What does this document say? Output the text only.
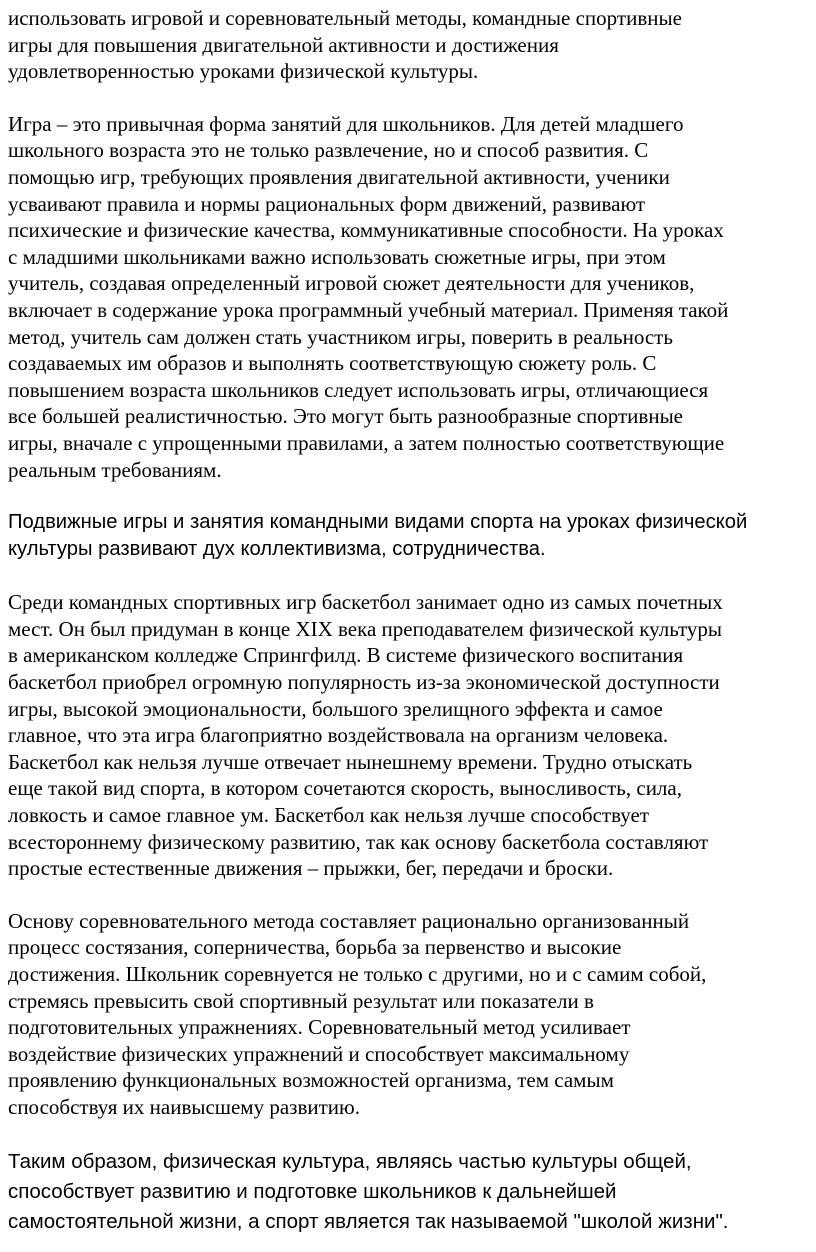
использовать игровой и соревновательный методы, командные спортивные
игры для повышения двигательной активности и достижения
удовлетворенностью уроками физической культуры.

Игра – это привычная форма занятий для школьников. Для детей младшего
школьного возраста это не только развлечение, но и способ развития. С
помощью игр, требующих проявления двигательной активности, ученики
усваивают правила и нормы рациональных форм движений, развивают
психические и физические качества, коммуникативные способности. На уроках
с младшими школьниками важно использовать сюжетные игры, при этом
учитель, создавая определенный игровой сюжет деятельности для учеников,
включает в содержание урока программный учебный материал. Применяя такой
метод, учитель сам должен стать участником игры, поверить в реальность
создаваемых им образов и выполнять соответствующую сюжету роль. С
повышением возраста школьников следует использовать игры, отличающиеся
все большей реалистичностью. Это могут быть разнообразные спортивные
игры, вначале с упрощенными правилами, а затем полностью соответствующие
реальным требованиям.

Подвижные игры и занятия командными видами спорта на уроках физической
культуры развивают дух коллективизма, сотрудничества.

Среди командных спортивных игр баскетбол занимает одно из самых почетных
мест. Он был придуман в конце XIX века преподавателем физической культуры
в американском колледже Спрингфилд. В системе физического воспитания
баскетбол приобрел огромную популярность из-за экономической доступности
игры, высокой эмоциональности, большого зрелищного эффекта и самое
главное, что эта игра благоприятно воздействовала на организм человека.
Баскетбол как нельзя лучше отвечает нынешнему времени. Трудно отыскать
еще такой вид спорта, в котором сочетаются скорость, выносливость, сила,
ловкость и самое главное ум. Баскетбол как нельзя лучше способствует
всестороннему физическому развитию, так как основу баскетбола составляют
простые естественные движения – прыжки, бег, передачи и броски.

Основу соревновательного метода составляет рационально организованный
процесс состязания, соперничества, борьба за первенство и высокие
достижения. Школьник соревнуется не только с другими, но и с самим собой,
стремясь превысить свой спортивный результат или показатели в
подготовительных упражнениях. Соревновательный метод усиливает
воздействие физических упражнений и способствует максимальному
проявлению функциональных возможностей организма, тем самым
способствуя их наивысшему развитию.

Таким образом, физическая культура, являясь частью культуры общей,
способствует развитию и подготовке школьников к дальнейшей
самостоятельной жизни, а спорт является так называемой "школой жизни".
